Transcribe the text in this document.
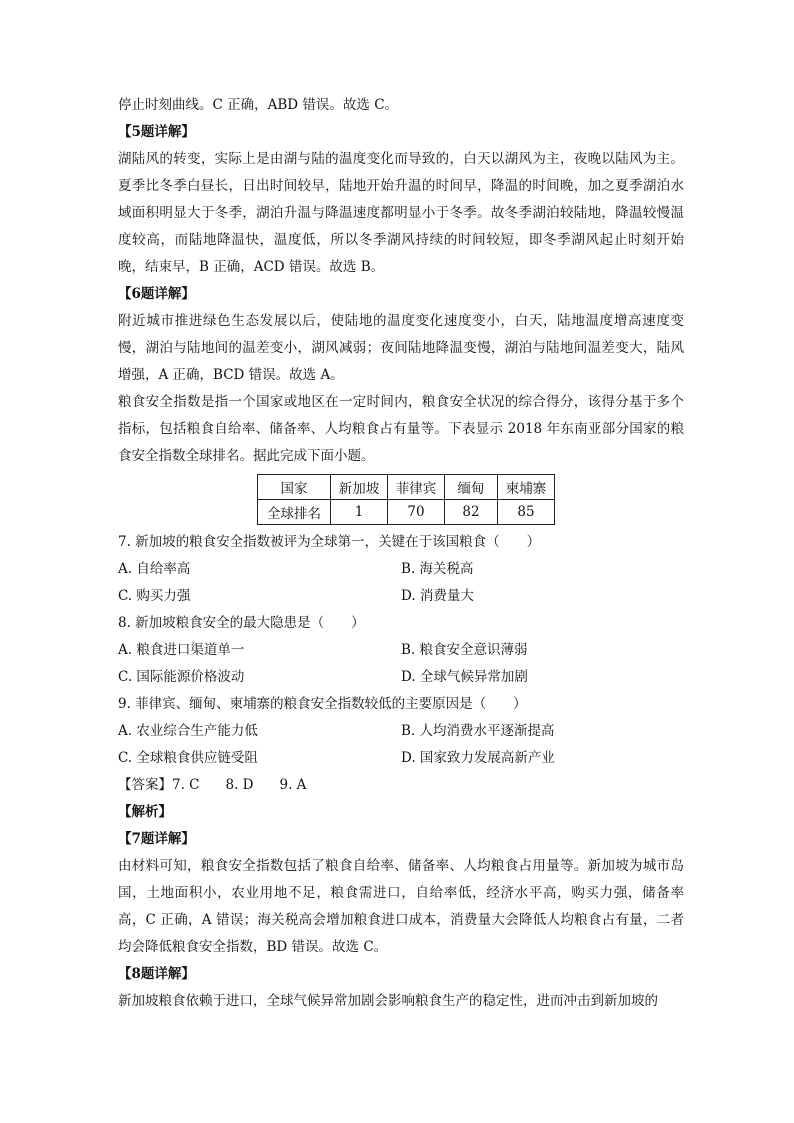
停止时刻曲线。C 正确，ABD 错误。故选 C。

【5题详解】

湖陆风的转变，实际上是由湖与陆的温度变化而导致的，白天以湖风为主，夜晚以陆风为主。夏季比冬季白昼长，日出时间较早，陆地开始升温的时间早，降温的时间晚，加之夏季湖泊水域面积明显大于冬季，湖泊升温与降温速度都明显小于冬季。故冬季湖泊较陆地，降温较慢温度较高，而陆地降温快，温度低，所以冬季湖风持续的时间较短，即冬季湖风起止时刻开始晚，结束早，B 正确，ACD 错误。故选 B。

【6题详解】

附近城市推进绿色生态发展以后，使陆地的温度变化速度变小，白天，陆地温度增高速度变慢，湖泊与陆地间的温差变小，湖风减弱；夜间陆地降温变慢，湖泊与陆地间温差变大，陆风增强，A 正确，BCD 错误。故选 A。

粮食安全指数是指一个国家或地区在一定时间内，粮食安全状况的综合得分，该得分基于多个指标，包括粮食自给率、储备率、人均粮食占有量等。下表显示 2018 年东南亚部分国家的粮食安全指数全球排名。据此完成下面小题。

国家	新加坡	菲律宾	缅甸	柬埔寨
全球排名	1	70	82	85

7. 新加坡的粮食安全指数被评为全球第一，关键在于该国粮食（　　）

A. 自给率高	B. 海关税高

C. 购买力强	D. 消费量大

8. 新加坡粮食安全的最大隐患是（　　）

A. 粮食进口渠道单一	B. 粮食安全意识薄弱

C. 国际能源价格波动	D. 全球气候异常加剧

9. 菲律宾、缅甸、柬埔寨的粮食安全指数较低的主要原因是（　　）

A. 农业综合生产能力低	B. 人均消费水平逐渐提高

C. 全球粮食供应链受阻	D. 国家致力发展高新产业

【答案】7. C 8. D 9. A

【解析】

【7题详解】

由材料可知，粮食安全指数包括了粮食自给率、储备率、人均粮食占用量等。新加坡为城市岛国，土地面积小，农业用地不足，粮食需进口，自给率低，经济水平高，购买力强，储备率高，C 正确，A 错误；海关税高会增加粮食进口成本，消费量大会降低人均粮食占有量，二者均会降低粮食安全指数，BD 错误。故选 C。

【8题详解】

新加坡粮食依赖于进口，全球气候异常加剧会影响粮食生产的稳定性，进而冲击到新加坡的
